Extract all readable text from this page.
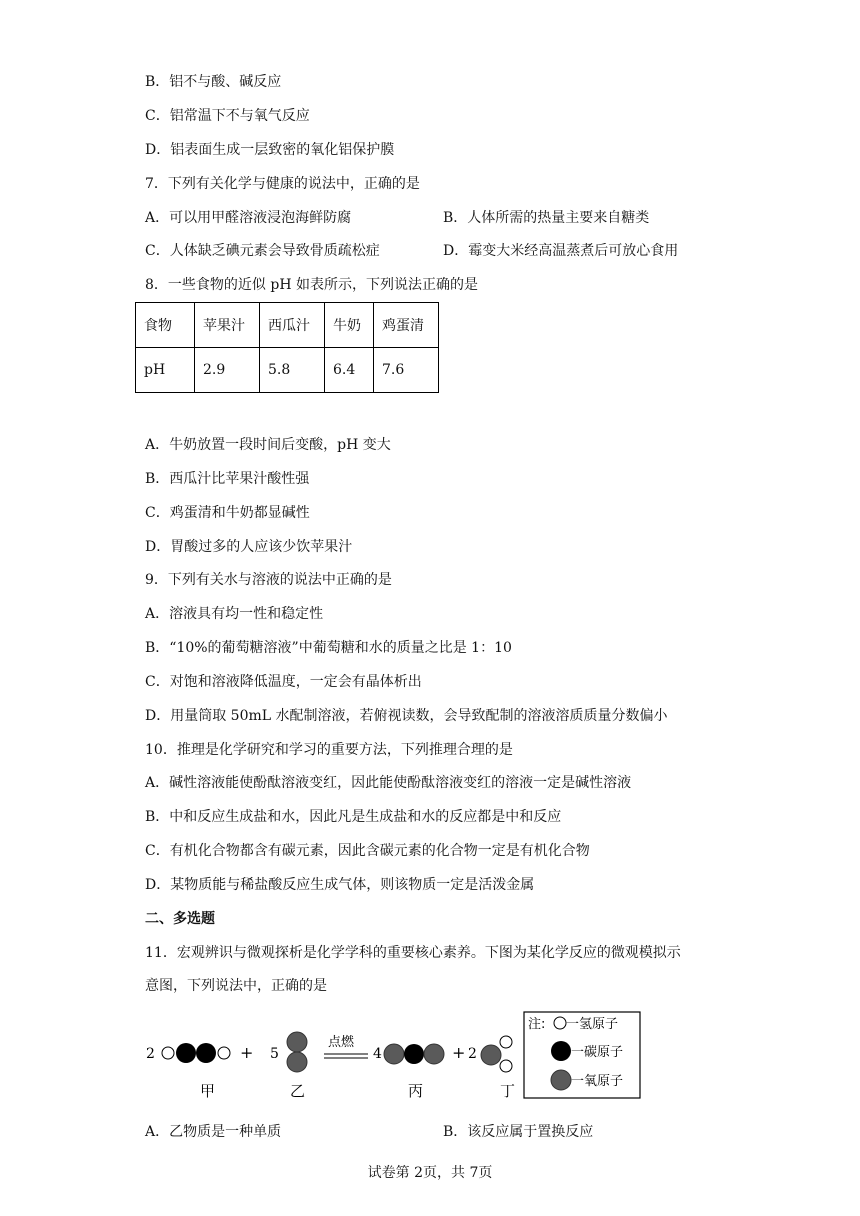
B．铝不与酸、碱反应
C．铝常温下不与氧气反应
D．铝表面生成一层致密的氧化铝保护膜
7．下列有关化学与健康的说法中，正确的是
A．可以用甲醛溶液浸泡海鲜防腐	B．人体所需的热量主要来自糖类
C．人体缺乏碘元素会导致骨质疏松症	D．霉变大米经高温蒸煮后可放心食用
8．一些食物的近似 pH 如表所示，下列说法正确的是
食物	苹果汁	西瓜汁	牛奶	鸡蛋清
pH	2.9	5.8	6.4	7.6
A．牛奶放置一段时间后变酸，pH 变大
B．西瓜汁比苹果汁酸性强
C．鸡蛋清和牛奶都显碱性
D．胃酸过多的人应该少饮苹果汁
9．下列有关水与溶液的说法中正确的是
A．溶液具有均一性和稳定性
B．“10%的葡萄糖溶液”中葡萄糖和水的质量之比是 1：10
C．对饱和溶液降低温度，一定会有晶体析出
D．用量筒取 50mL 水配制溶液，若俯视读数，会导致配制的溶液溶质质量分数偏小
10．推理是化学研究和学习的重要方法，下列推理合理的是
A．碱性溶液能使酚酞溶液变红，因此能使酚酞溶液变红的溶液一定是碱性溶液
B．中和反应生成盐和水，因此凡是生成盐和水的反应都是中和反应
C．有机化合物都含有碳元素，因此含碳元素的化合物一定是有机化合物
D．某物质能与稀盐酸反应生成气体，则该物质一定是活泼金属
二、多选题
11．宏观辨识与微观探析是化学学科的重要核心素养。下图为某化学反应的微观模拟示
意图，下列说法中，正确的是
2
甲
+ 5
乙
点燃
4
丙
+ 2
丁
注: 一氢原子
一碳原子
一氧原子
A．乙物质是一种单质	B．该反应属于置换反应
试卷第 2页，共 7页
